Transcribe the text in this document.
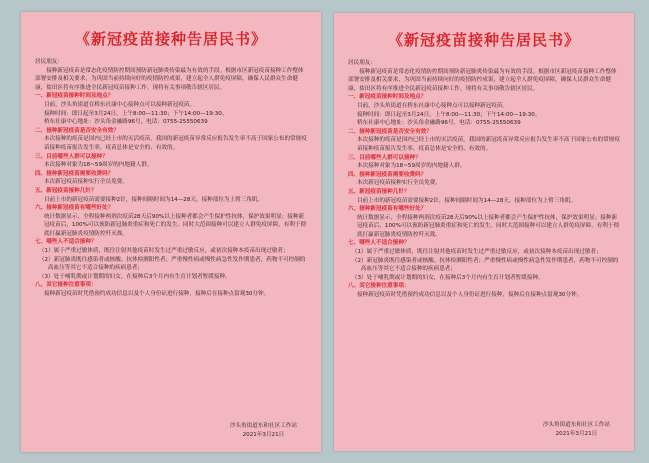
《新冠疫苗接种告居民书》

居民朋友：

接种新冠疫苗是常态化疫情防控期间预防新冠肺炎传染最为有效的手段。根据市区新冠疫苗接种工作整体部署安排及相关要求，为巩固当前持续向好的疫情防控成果，建立起全人群免疫屏障，确保人民群众生命健康，盐田区将有序推进全民新冠疫苗接种工作。现将有关事项敬告辖区居民。

一、新冠疫苗接种时间及地点？

目前，沙头角街道在桥东社康中心接种点可以接种新冠疫苗。

接种时间：即日起至3月24日，上午8:00—11:30；下午14:00—19:30。

桥东社康中心地址：沙头角金融路96号，电话：0755-25550639

二、接种新冠疫苗是否安全有效？

本次接种的疫苗是国内已经上市的灭活疫苗。我国的新冠疫苗异常反应报告发生率不高于国家公布的常规疫苗接种疫苗报告发生率，疫苗总体是安全的、有效的。

三、目前哪些人群可以接种？

本次接种对象为18~59周岁的内地籍人群。

四、接种新冠疫苗需要收费吗？

本次新冠疫苗接种实行全员免费。

五、新冠疫苗接种几针？

目前上市的新冠疫苗需要接种2针，接种间隔时间为14—28天，接种部位为上臂三角肌。

六、接种新冠疫苗有哪些好处？

统计数据显示，全程接种两剂次疫苗28天后90%以上接种者都会产生保护性抗体，保护效果明显；接种新冠疫苗后，100%可以预防新冠肺炎重症和死亡的发生。同时大范围接种可以建立人群免疫屏障，有利于彻底打赢新冠肺炎疫情防控歼灭战。

七、哪些人不适合接种？

（1）属于严重过敏体质，既往注射其他疫苗时发生过严重过敏反应，或初次接种本疫苗出现过敏者；

（2）新冠肺炎既往感染者或核酸、抗体检测阳性者；严重慢性病或慢性病急性发作期患者，药物不可控制的高血压等其它不适合接种的疾病患者；

（3）处于哺乳期或计划期的妇女，在接种后3个月内有生育计划者暂缓接种。

八、其它接种注意事项：

接种新冠疫苗时凭借预约成功信息以及个人身份证进行接种，接种后在接种点留观30分钟。

沙头角街道东和社区工作站

2021年3月21日

《新冠疫苗接种告居民书》

居民朋友：

接种新冠疫苗是常态化疫情防控期间预防新冠肺炎传染最为有效的手段。根据市区新冠疫苗接种工作整体部署安排及相关要求，为巩固当前持续向好的疫情防控成果，建立起全人群免疫屏障，确保人民群众生命健康，盐田区将有序推进全民新冠疫苗接种工作。现将有关事项敬告辖区居民。

一、新冠疫苗接种时间及地点？

目前，沙头角街道在桥东社康中心接种点可以接种新冠疫苗。

接种时间：即日起至3月24日，上午8:00—11:30；下午14:00—19:30。

桥东社康中心地址：沙头角金融路96号，电话：0755-25550639

二、接种新冠疫苗是否安全有效？

本次接种的疫苗是国内已经上市的灭活疫苗。我国的新冠疫苗异常反应报告发生率不高于国家公布的常规疫苗接种疫苗报告发生率，疫苗总体是安全的、有效的。

三、目前哪些人群可以接种？

本次接种对象为18~59周岁的内地籍人群。

四、接种新冠疫苗需要收费吗？

本次新冠疫苗接种实行全员免费。

五、新冠疫苗接种几针？

目前上市的新冠疫苗需要接种2针，接种间隔时间为14—28天，接种部位为上臂三角肌。

六、接种新冠疫苗有哪些好处？

统计数据显示，全程接种两剂次疫苗28天后90%以上接种者都会产生保护性抗体，保护效果明显；接种新冠疫苗后，100%可以预防新冠肺炎重症和死亡的发生。同时大范围接种可以建立人群免疫屏障，有利于彻底打赢新冠肺炎疫情防控歼灭战。

七、哪些人不适合接种？

（1）属于严重过敏体质，既往注射其他疫苗时发生过严重过敏反应，或初次接种本疫苗出现过敏者；

（2）新冠肺炎既往感染者或核酸、抗体检测阳性者；严重慢性病或慢性病急性发作期患者，药物不可控制的高血压等其它不适合接种的疾病患者；

（3）处于哺乳期或计划期的妇女，在接种后3个月内有生育计划者暂缓接种。

八、其它接种注意事项：

接种新冠疫苗时凭借预约成功信息以及个人身份证进行接种，接种后在接种点留观30分钟。

沙头角街道东和社区工作站

2021年3月21日
